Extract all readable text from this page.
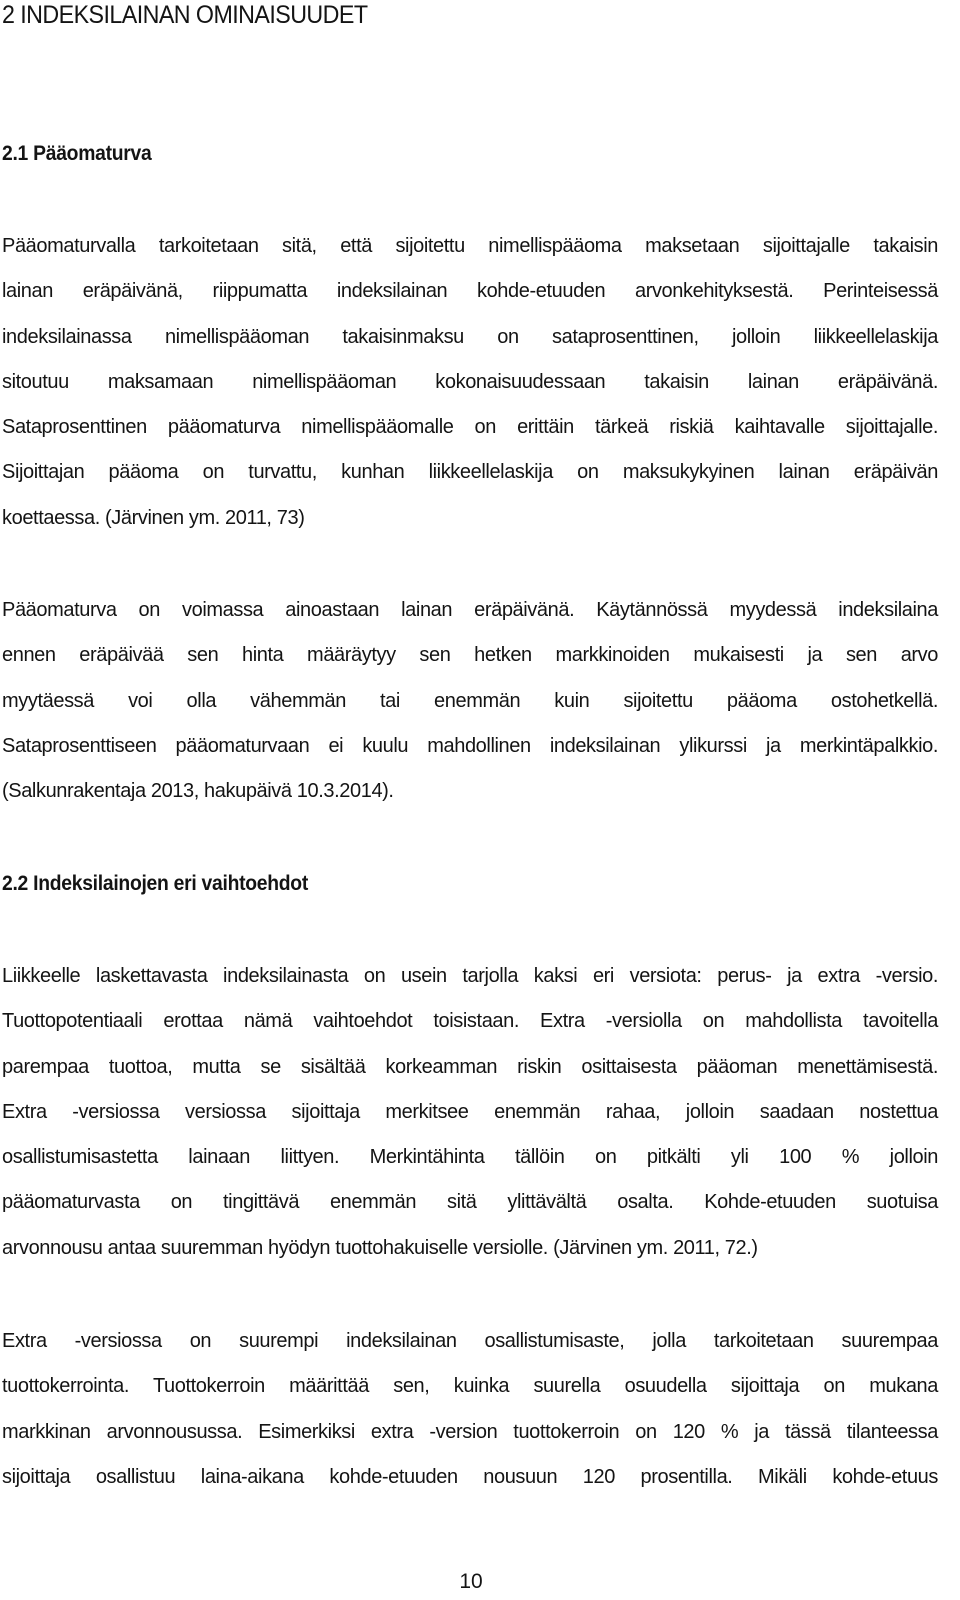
2 INDEKSILAINAN OMINAISUUDET
2.1 Pääomaturva
Pääomaturvalla tarkoitetaan sitä, että sijoitettu nimellispääoma maksetaan sijoittajalle takaisin
lainan eräpäivänä, riippumatta indeksilainan kohde-etuuden arvonkehityksestä. Perinteisessä
indeksilainassa nimellispääoman takaisinmaksu on sataprosenttinen, jolloin liikkeellelaskija
sitoutuu maksamaan nimellispääoman kokonaisuudessaan takaisin lainan eräpäivänä.
Sataprosenttinen pääomaturva nimellispääomalle on erittäin tärkeä riskiä kaihtavalle sijoittajalle.
Sijoittajan pääoma on turvattu, kunhan liikkeellelaskija on maksukykyinen lainan eräpäivän
koettaessa. (Järvinen ym. 2011, 73)
Pääomaturva on voimassa ainoastaan lainan eräpäivänä. Käytännössä myydessä indeksilaina
ennen eräpäivää sen hinta määräytyy sen hetken markkinoiden mukaisesti ja sen arvo
myytäessä voi olla vähemmän tai enemmän kuin sijoitettu pääoma ostohetkellä.
Sataprosenttiseen pääomaturvaan ei kuulu mahdollinen indeksilainan ylikurssi ja merkintäpalkkio.
(Salkunrakentaja 2013, hakupäivä 10.3.2014).
2.2 Indeksilainojen eri vaihtoehdot
Liikkeelle laskettavasta indeksilainasta on usein tarjolla kaksi eri versiota: perus- ja extra -versio.
Tuottopotentiaali erottaa nämä vaihtoehdot toisistaan. Extra -versiolla on mahdollista tavoitella
parempaa tuottoa, mutta se sisältää korkeamman riskin osittaisesta pääoman menettämisestä.
Extra -versiossa versiossa sijoittaja merkitsee enemmän rahaa, jolloin saadaan nostettua
osallistumisastetta lainaan liittyen. Merkintähinta tällöin on pitkälti yli 100 % jolloin
pääomaturvasta on tingittävä enemmän sitä ylittävältä osalta. Kohde-etuuden suotuisa
arvonnousu antaa suuremman hyödyn tuottohakuiselle versiolle. (Järvinen ym. 2011, 72.)
Extra -versiossa on suurempi indeksilainan osallistumisaste, jolla tarkoitetaan suurempaa
tuottokerrointa. Tuottokerroin määrittää sen, kuinka suurella osuudella sijoittaja on mukana
markkinan arvonnousussa. Esimerkiksi extra -version tuottokerroin on 120 % ja tässä tilanteessa
sijoittaja osallistuu laina-aikana kohde-etuuden nousuun 120 prosentilla. Mikäli kohde-etuus

10
